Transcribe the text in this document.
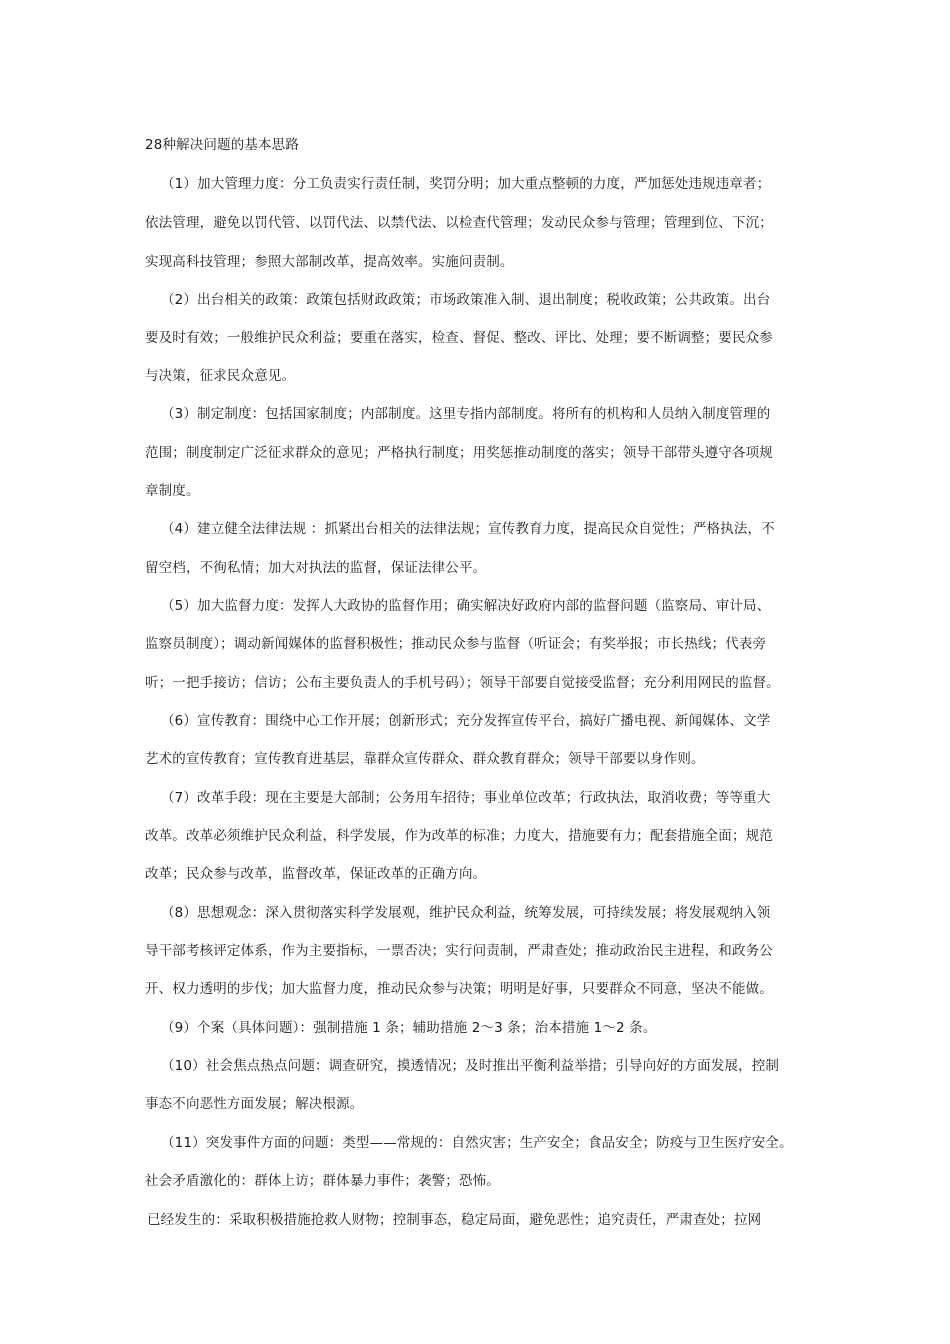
28种解决问题的基本思路
（1）加大管理力度：分工负责实行责任制，奖罚分明；加大重点整顿的力度，严加惩处违规违章者；
依法管理，避免以罚代管、以罚代法、以禁代法、以检查代管理；发动民众参与管理；管理到位、下沉；
实现高科技管理；参照大部制改革，提高效率。实施问责制。
（2）出台相关的政策：政策包括财政政策；市场政策准入制、退出制度；税收政策；公共政策。出台
要及时有效；一般维护民众利益；要重在落实，检查、督促、整改、评比、处理；要不断调整；要民众参
与决策，征求民众意见。
（3）制定制度：包括国家制度；内部制度。这里专指内部制度。将所有的机构和人员纳入制度管理的
范围；制度制定广泛征求群众的意见；严格执行制度；用奖惩推动制度的落实；领导干部带头遵守各项规
章制度。
（4）建立健全法律法规 ：抓紧出台相关的法律法规；宣传教育力度，提高民众自觉性；严格执法，不
留空档，不徇私情；加大对执法的监督，保证法律公平。
（5）加大监督力度：发挥人大政协的监督作用；确实解决好政府内部的监督问题（监察局、审计局、
监察员制度）；调动新闻媒体的监督积极性；推动民众参与监督（听证会；有奖举报；市长热线；代表旁
听；一把手接访；信访；公布主要负责人的手机号码）；领导干部要自觉接受监督；充分利用网民的监督。
（6）宣传教育：围绕中心工作开展；创新形式；充分发挥宣传平台，搞好广播电视、新闻媒体、文学
艺术的宣传教育；宣传教育进基层，靠群众宣传群众、群众教育群众；领导干部要以身作则。
（7）改革手段：现在主要是大部制；公务用车招待；事业单位改革；行政执法，取消收费；等等重大
改革。改革必须维护民众利益，科学发展，作为改革的标准；力度大，措施要有力；配套措施全面；规范
改革；民众参与改革，监督改革，保证改革的正确方向。
（8）思想观念：深入贯彻落实科学发展观，维护民众利益，统筹发展，可持续发展；将发展观纳入领
导干部考核评定体系，作为主要指标，一票否决；实行问责制，严肃查处；推动政治民主进程，和政务公
开、权力透明的步伐；加大监督力度，推动民众参与决策；明明是好事，只要群众不同意，坚决不能做。
（9）个案（具体问题）：强制措施 1 条；辅助措施 2～3 条；治本措施 1～2 条。
（10）社会焦点热点问题：调查研究，摸透情况；及时推出平衡利益举措；引导向好的方面发展，控制
事态不向恶性方面发展；解决根源。
（11）突发事件方面的问题：类型——常规的：自然灾害；生产安全；食品安全；防疫与卫生医疗安全。
社会矛盾激化的：群体上访；群体暴力事件；袭警；恐怖。
已经发生的：采取积极措施抢救人财物；控制事态，稳定局面，避免恶性；追究责任，严肃查处；拉网
